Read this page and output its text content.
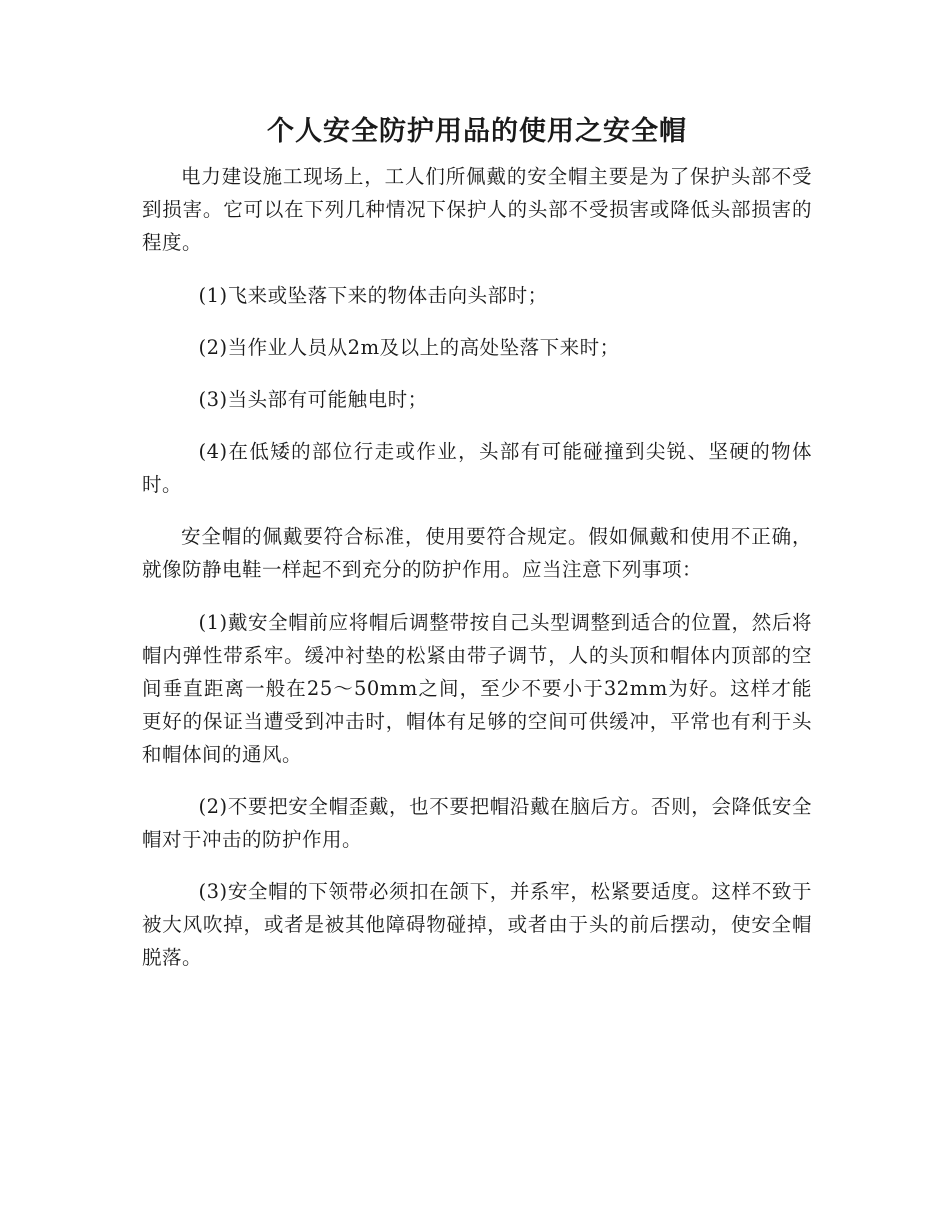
个人安全防护用品的使用之安全帽

电力建设施工现场上，工人们所佩戴的安全帽主要是为了保护头部不受到损害。它可以在下列几种情况下保护人的头部不受损害或降低头部损害的程度。

(1)飞来或坠落下来的物体击向头部时；

(2)当作业人员从2m及以上的高处坠落下来时；

(3)当头部有可能触电时；

(4)在低矮的部位行走或作业，头部有可能碰撞到尖锐、坚硬的物体时。

安全帽的佩戴要符合标准，使用要符合规定。假如佩戴和使用不正确，就像防静电鞋一样起不到充分的防护作用。应当注意下列事项：

(1)戴安全帽前应将帽后调整带按自己头型调整到适合的位置，然后将帽内弹性带系牢。缓冲衬垫的松紧由带子调节，人的头顶和帽体内顶部的空间垂直距离一般在25～50mm之间，至少不要小于32mm为好。这样才能更好的保证当遭受到冲击时，帽体有足够的空间可供缓冲，平常也有利于头和帽体间的通风。

(2)不要把安全帽歪戴，也不要把帽沿戴在脑后方。否则，会降低安全帽对于冲击的防护作用。

(3)安全帽的下领带必须扣在颌下，并系牢，松紧要适度。这样不致于被大风吹掉，或者是被其他障碍物碰掉，或者由于头的前后摆动，使安全帽脱落。
